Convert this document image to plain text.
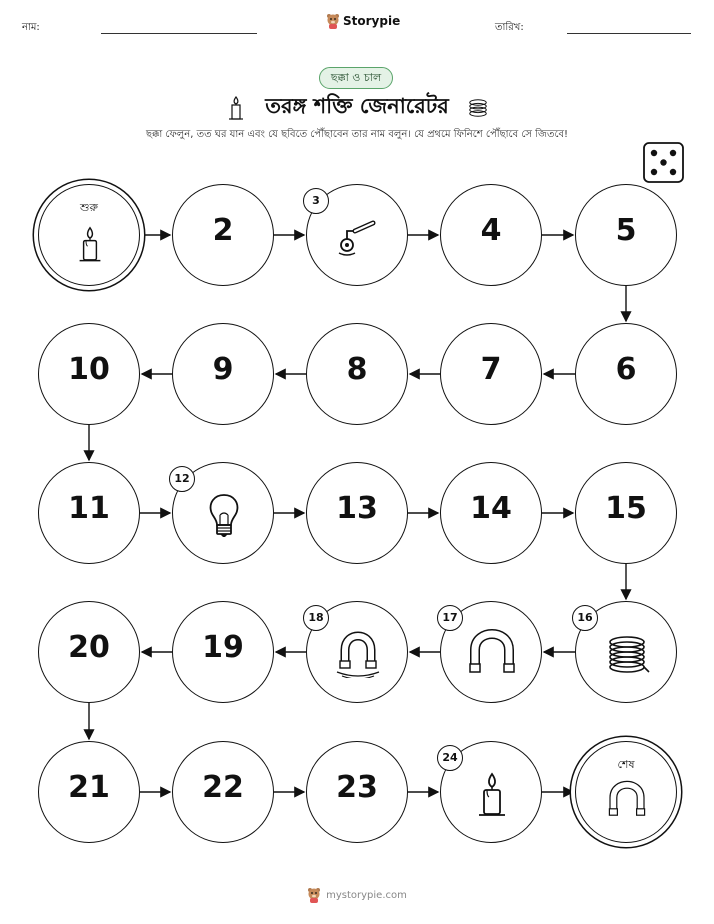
নাম:	Storypie	তারিখ:
ছক্কা ও চাল
তরঙ্গ শক্তি জেনারেটর
ছক্কা ফেলুন, তত ঘর যান এবং যে ছবিতে পৌঁছাবেন তার নাম বলুন। যে প্রথমে ফিনিশে পৌঁছাবে সে জিতবে!
শুরু
2
3
4	5
6
7
8
9
10
11
12
13	14	15
16
17
18
19
20
21	22	23
24
শেষ
mystorypie.com
